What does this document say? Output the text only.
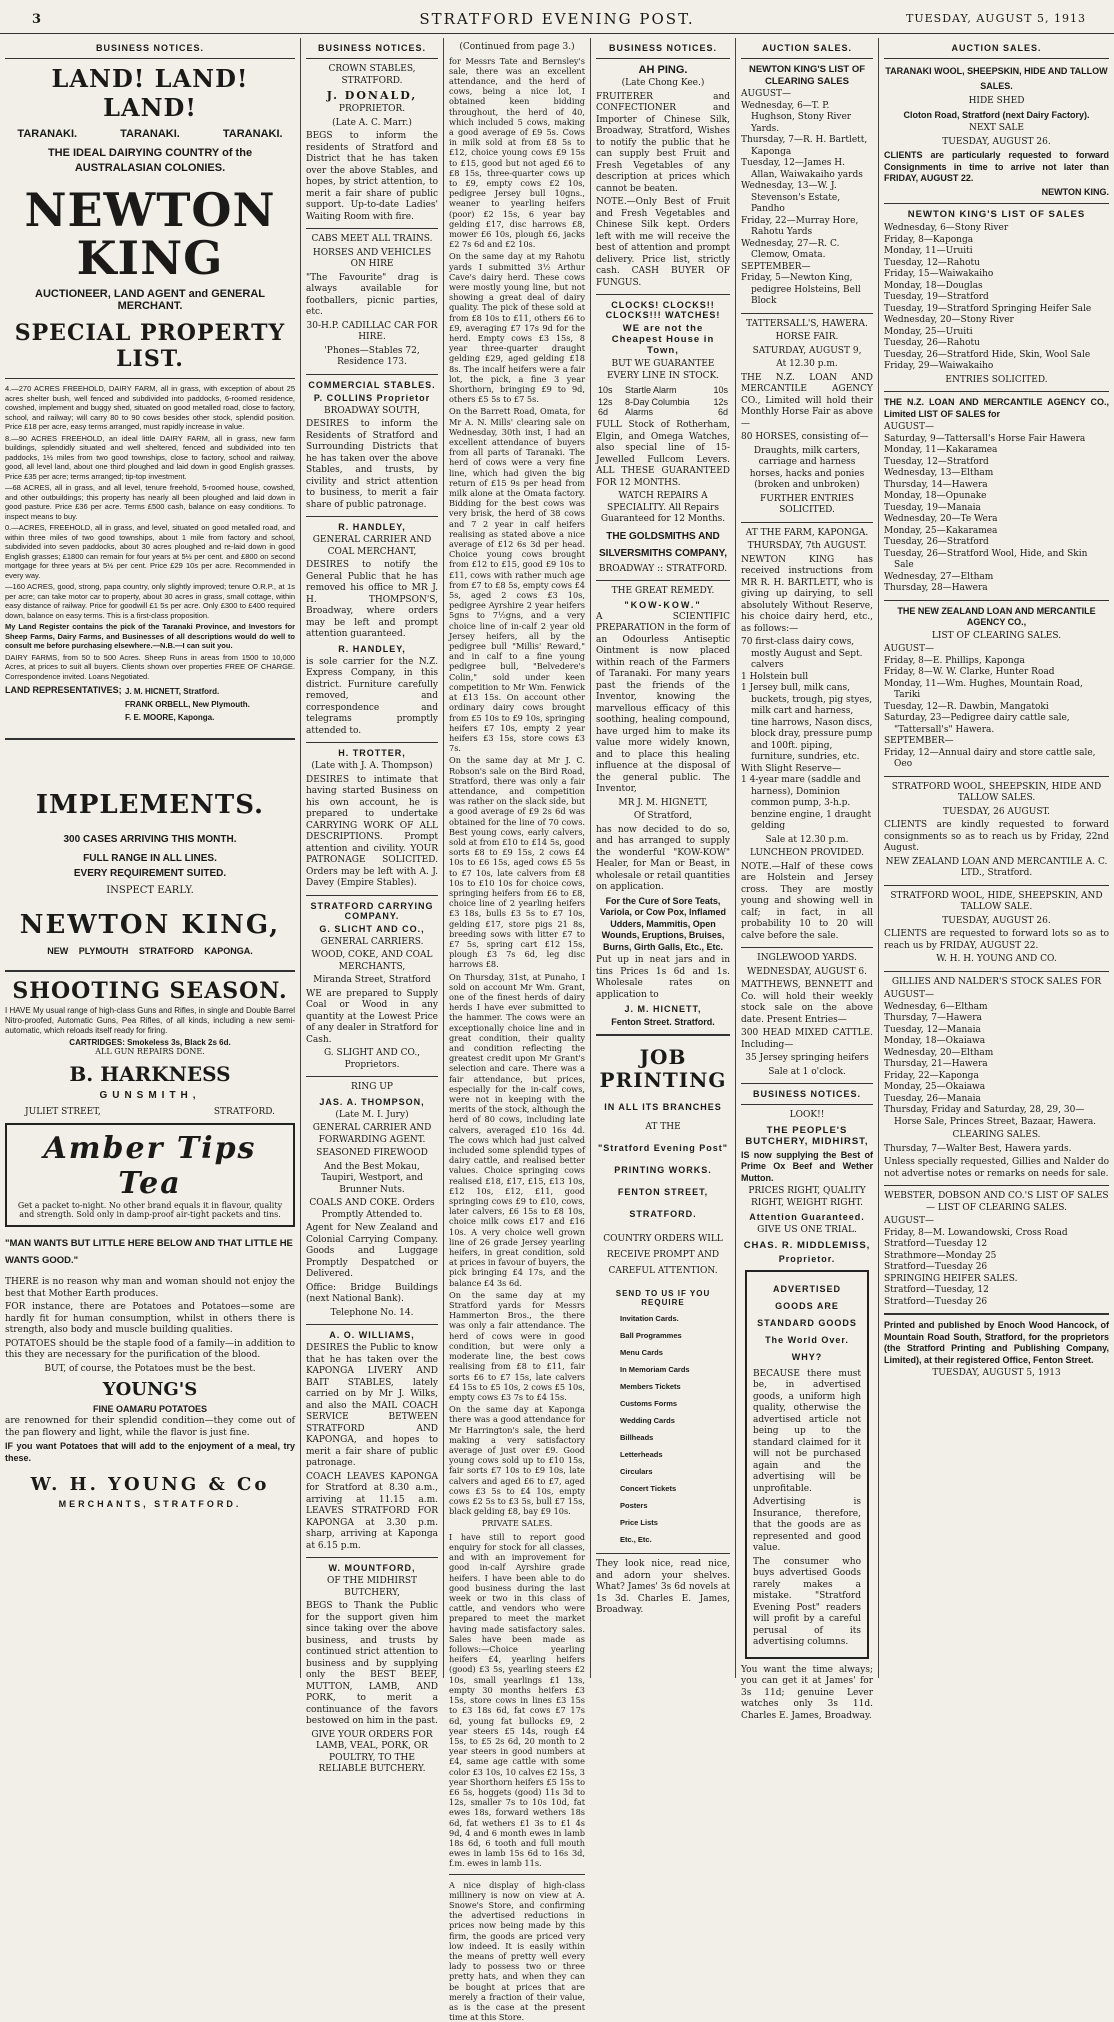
3	STRATFORD EVENING POST.	TUESDAY, AUGUST 5, 1913
BUSINESS NOTICES.
LAND! LAND! LAND!
TARANAKI. TARANAKI. TARANAKI.
THE IDEAL DAIRYING COUNTRY of the AUSTRALASIAN COLONIES.
NEWTON KING
AUCTIONEER, LAND AGENT and GENERAL MERCHANT.
SPECIAL PROPERTY LIST.

4.—270 ACRES FREEHOLD, DAIRY FARM, all in grass, with exception of about 25 acres shelter bush, well fenced and subdivided into paddocks, 6-roomed residence, cowshed, implement and buggy shed, situated on good metalled road, close to factory, school, and railway; will carry 80 to 90 cows besides other stock, splendid position. Price £18 per acre, easy terms arranged, must rapidly increase in value.

8.—90 ACRES FREEHOLD, an ideal little DAIRY FARM, all in grass, new farm buildings, splendidly situated and well sheltered, fenced and subdivided into ten paddocks, 1½ miles from two good townships, close to factory, school and railway, good, all level land, about one third ploughed and laid down in good English grasses. Price £35 per acre; terms arranged; tip-top investment.

—68 ACRES, all in grass, and all level, tenure freehold, 5-roomed house, cowshed, and other outbuildings; this property has nearly all been ploughed and laid down in good pasture. Price £36 per acre. Terms £500 cash, balance on easy conditions. To inspect means to buy.

0.—ACRES, FREEHOLD, all in grass, and level, situated on good metalled road, and within three miles of two good townships, about 1 mile from factory and school, subdivided into seven paddocks, about 30 acres ploughed and re-laid down in good English grasses; £1800 can remain for four years at 5½ per cent. and £800 on second mortgage for three years at 5½ per cent. Price £29 10s per acre. Recommended in every way.

—160 ACRES, good, strong, papa country, only slightly improved; tenure O.R.P., at 1s per acre; can take motor car to property, about 30 acres in grass, small cottage, within easy distance of railway. Price for goodwill £1 5s per acre. Only £300 to £400 required down, balance on easy terms. This is a first-class proposition.

My Land Register contains the pick of the Taranaki Province, and Investors for Sheep Farms, Dairy Farms, and Businesses of all descriptions would do well to consult me before purchasing elsewhere.—N.B.—I can suit you.

DAIRY FARMS, from 50 to 500 Acres. Sheep Runs in areas from 1500 to 10,000 Acres, at prices to suit all buyers. Clients shown over properties FREE OF CHARGE. Correspondence invited. Loans Negotiated.

LAND REPRESENTATIVES; J. M. HICNETT, Stratford.
FRANK ORBELL, New Plymouth.
F. E. MOORE, Kaponga.
IMPLEMENTS.
300 CASES ARRIVING THIS MONTH.
FULL RANGE IN ALL LINES.
EVERY REQUIREMENT SUITED.
INSPECT EARLY.
NEWTON KING,
NEW PLYMOUTH STRATFORD KAPONGA.
SHOOTING SEASON.

I HAVE My usual range of high-class Guns and Rifles, in single and Double Barrel Nitro-proofed, Automatic Guns, Pea Rifles, of all kinds, including a new semi-automatic, which reloads itself ready for firing.

CARTRIDGES: Smokeless 3s, Black 2s 6d.
ALL GUN REPAIRS DONE.
B. HARKNESS
GUNSMITH,
JULIET STREET,	STRATFORD.
Amber Tips Tea
Get a packet to-night. No other brand equals it in flavour, quality and strength. Sold only in damp-proof air-tight packets and tins.
"MAN WANTS BUT LITTLE HERE BELOW AND THAT LITTLE HE WANTS GOOD."

THERE is no reason why man and woman should not enjoy the best that Mother Earth produces.

FOR instance, there are Potatoes and Potatoes—some are hardly fit for human consumption, whilst in others there is strength, also body and muscle building qualities.

POTATOES should be the staple food of a family—in addition to this they are necessary for the purification of the blood.

BUT, of course, the Potatoes must be the best.

YOUNG'S
FINE OAMARU POTATOES

are renowned for their splendid condition—they come out of the pan flowery and light, while the flavor is just fine.

IF you want Potatoes that will add to the enjoyment of a meal, try these.

W. H. YOUNG & Co
MERCHANTS, STRATFORD.
BUSINESS NOTICES.

CROWN STABLES, STRATFORD.

J. DONALD,

PROPRIETOR.

(Late A. C. Marr.)

BEGS to inform the residents of Stratford and District that he has taken over the above Stables, and hopes, by strict attention, to merit a fair share of public support. Up-to-date Ladies' Waiting Room with fire.

CABS MEET ALL TRAINS.

HORSES AND VEHICLES ON HIRE

"The Favourite" drag is always available for footballers, picnic parties, etc.

30-H.P. CADILLAC CAR FOR HIRE.

'Phones—Stables 72, Residence 173.

COMMERCIAL STABLES.
P. COLLINS Proprietor

BROADWAY SOUTH,

DESIRES to inform the Residents of Stratford and Surrounding Districts that he has taken over the above Stables, and trusts, by civility and strict attention to business, to merit a fair share of public patronage.

R. HANDLEY,

GENERAL CARRIER AND COAL MERCHANT,

DESIRES to notify the General Public that he has removed his office to MR J. H. THOMPSON'S, Broadway, where orders may be left and prompt attention guaranteed.

R. HANDLEY,

is sole carrier for the N.Z. Express Company, in this district. Furniture carefully removed, and correspondence and telegrams promptly attended to.

H. TROTTER,

(Late with J. A. Thompson)

DESIRES to intimate that having started Business on his own account, he is prepared to undertake CARRYING WORK OF ALL DESCRIPTIONS. Prompt attention and civility. YOUR PATRONAGE SOLICITED. Orders may be left with A. J. Davey (Empire Stables).

STRATFORD CARRYING COMPANY.
G. SLICHT AND CO.,

GENERAL CARRIERS.

WOOD, COKE, AND COAL MERCHANTS,

Miranda Street, Stratford

WE are prepared to Supply Coal or Wood in any quantity at the Lowest Price of any dealer in Stratford for Cash.

G. SLIGHT AND CO., Proprietors.

RING UP

JAS. A. THOMPSON,

(Late M. I. Jury)

GENERAL CARRIER AND FORWARDING AGENT.

SEASONED FIREWOOD

And the Best Mokau, Taupiri, Westport, and Brunner Nuts.

COALS AND COKE. Orders Promptly Attended to.

Agent for New Zealand and Colonial Carrying Company. Goods and Luggage Promptly Despatched or Delivered.

Office: Bridge Buildings (next National Bank).

Telephone No. 14.

A. O. WILLIAMS,

DESIRES the Public to know that he has taken over the KAPONGA LIVERY AND BAIT STABLES, lately carried on by Mr J. Wilks, and also the MAIL COACH SERVICE BETWEEN STRATFORD AND KAPONGA, and hopes to merit a fair share of public patronage.

COACH LEAVES KAPONGA for Stratford at 8.30 a.m., arriving at 11.15 a.m. LEAVES STRATFORD FOR KAPONGA at 3.30 p.m. sharp, arriving at Kaponga at 6.15 p.m.

W. MOUNTFORD,

OF THE MIDHIRST BUTCHERY,

BEGS to Thank the Public for the support given him since taking over the above business, and trusts by continued strict attention to business and by supplying only the BEST BEEF, MUTTON, LAMB, AND PORK, to merit a continuance of the favors bestowed on him in the past.

GIVE YOUR ORDERS FOR LAMB, VEAL, PORK, OR POULTRY, TO THE RELIABLE BUTCHERY.

(Continued from page 3.)

for Messrs Tate and Bernsley's sale, there was an excellent attendance, and the herd of cows, being a nice lot, I obtained keen bidding throughout, the herd of 40, which included 5 cows, making a good average of £9 5s. Cows in milk sold at from £8 5s to £12, choice young cows £9 15s to £15, good but not aged £6 to £8 15s, three-quarter cows up to £9, empty cows £2 10s, pedigree Jersey bull 10gns., weaner to yearling heifers (poor) £2 15s, 6 year bay gelding £17, disc harrows £8, mower £6 10s, plough £6, jacks £2 7s 6d and £2 10s.

On the same day at my Rahotu yards I submitted 3½ Arthur Cave's dairy herd. These cows were mostly young line, but not showing a great deal of dairy quality. The pick of these sold at from £8 10s to £11, others £6 to £9, averaging £7 17s 9d for the herd. Empty cows £3 15s, 8 year three-quarter draught gelding £29, aged gelding £18 8s. The incalf heifers were a fair lot, the pick, a fine 3 year Shorthorn, bringing £9 to 9d, others £5 5s to £7 5s.

On the Barrett Road, Omata, for Mr A. N. Mills' clearing sale on Wednesday, 30th inst, I had an excellent attendance of buyers from all parts of Taranaki. The herd of cows were a very fine line, which had given the big return of £15 9s per head from milk alone at the Omata factory. Bidding for the best cows was very brisk, the herd of 38 cows and 7 2 year in calf heifers realising as stated above a nice average of £12 6s 3d per head. Choice young cows brought from £12 to £15, good £9 10s to £11, cows with rather much age from £7 to £8 5s, empty cows £4 5s, aged 2 cows £3 10s, pedigree Ayrshire 2 year heifers 5gns to 7½gns, and a very choice line of in-calf 2 year old Jersey heifers, all by the pedigree bull "Millis' Reward," and in calf to a fine young pedigree bull, "Belvedere's Colin," sold under keen competition to Mr Wm. Fenwick at £13 15s. On account other ordinary dairy cows brought from £5 10s to £9 10s, springing heifers £7 10s, empty 2 year heifers £3 15s, store cows £3 7s.

On the same day at Mr J. C. Robson's sale on the Bird Road, Stratford, there was only a fair attendance, and competition was rather on the slack side, but a good average of £9 2s 6d was obtained for the line of 70 cows. Best young cows, early calvers, sold at from £10 to £14 5s, good sorts £8 to £9 15s, 2 cows £4 10s to £6 15s, aged cows £5 5s to £7 10s, late calvers from £8 10s to £10 10s for choice cows, springing heifers from £6 to £8, choice line of 2 yearling heifers £3 18s, bulls £3 5s to £7 10s, gelding £17, store pigs 21 8s, breeding sows with litter £7 to £7 5s, spring cart £12 15s, plough £3 7s 6d, leg disc harrows £8.

On Thursday, 31st, at Punaho, I sold on account Mr Wm. Grant, one of the finest herds of dairy herds I have ever submitted to the hammer. The cows were an exceptionally choice line and in great condition, their quality and condition reflecting the greatest credit upon Mr Grant's selection and care. There was a fair attendance, but prices, especially for the in-calf cows, were not in keeping with the merits of the stock, although the herd of 80 cows, including late calvers, averaged £10 16s 4d. The cows which had just calved included some splendid types of dairy cattle, and realised better values. Choice springing cows realised £18, £17, £15, £13 10s, £12 10s, £12, £11, good springing cows £9 to £10, cows, later calvers, £6 15s to £8 10s, choice milk cows £17 and £16 10s. A very choice well grown line of 26 grade Jersey yearling heifers, in great condition, sold at prices in favour of buyers, the pick bringing £4 17s, and the balance £4 3s 6d.

On the same day at my Stratford yards for Messrs Hammerton Bros., the there was only a fair attendance. The herd of cows were in good condition, but were only a moderate line, the best cows realising from £8 to £11, fair sorts £6 to £7 15s, late calvers £4 15s to £5 10s, 2 cows £5 10s, empty cows £3 7s to £4 15s.

On the same day at Kaponga there was a good attendance for Mr Harrington's sale, the herd making a very satisfactory average of just over £9. Good young cows sold up to £10 15s, fair sorts £7 10s to £9 10s, late calvers and aged £6 to £7, aged cows £3 5s to £4 10s, empty cows £2 5s to £3 5s, bull £7 15s, black gelding £8, bay £9 10s.

PRIVATE SALES.

I have still to report good enquiry for stock for all classes, and with an improvement for good in-calf Ayrshire grade heifers. I have been able to do good business during the last week or two in this class of cattle, and vendors who were prepared to meet the market having made satisfactory sales. Sales have been made as follows:—Choice yearling heifers £4, yearling heifers (good) £3 5s, yearling steers £2 10s, small yearlings £1 13s, empty 30 months heifers £3 15s, store cows in lines £3 15s to £3 18s 6d, fat cows £7 17s 6d, young fat bullocks £9, 2 year steers £5 14s, rough £4 15s, to £5 2s 6d, 20 month to 2 year steers in good numbers at £4, same age cattle with some color £3 10s, 10 calves £2 15s, 3 year Shorthorn heifers £5 15s to £6 5s, hoggets (good) 11s 3d to 12s, smaller 7s to 10s 10d, fat ewes 18s, forward wethers 18s 6d, fat wethers £1 3s to £1 4s 9d, 4 and 6 month ewes in lamb 18s 6d, 6 tooth and full mouth ewes in lamb 15s 6d to 16s 3d, f.m. ewes in lamb 11s.

A nice display of high-class millinery is now on view at A. Snowe's Store, and confirming the advertised reductions in prices now being made by this firm, the goods are priced very low indeed. It is easily within the means of pretty well every lady to possess two or three pretty hats, and when they can be bought at prices that are merely a fraction of their value, as is the case at the present time at this Store.

BUSINESS NOTICES.
AH PING.

(Late Chong Kee.)

FRUITERER and CONFECTIONER and Importer of Chinese Silk, Broadway, Stratford, Wishes to notify the public that he can supply best Fruit and Fresh Vegetables of any description at prices which cannot be beaten.

NOTE.—Only Best of Fruit and Fresh Vegetables and Chinese Silk kept. Orders left with me will receive the best of attention and prompt delivery. Price list, strictly cash. CASH BUYER OF FUNGUS.

CLOCKS! CLOCKS!! CLOCKS!!! WATCHES!
WE are not the Cheapest House in Town,

BUT WE GUARANTEE EVERY LINE IN STOCK.

10s	Startle Alarm	10s
12s 6d	8-Day Columbia Alarms	12s 6d

FULL Stock of Rotherham, Elgin, and Omega Watches, also special line of 15-Jewelled Fullcom Levers. ALL THESE GUARANTEED FOR 12 MONTHS.

WATCH REPAIRS A SPECIALITY. All Repairs Guaranteed for 12 Months.

THE GOLDSMITHS AND SILVERSMITHS COMPANY,

BROADWAY :: STRATFORD.

THE GREAT REMEDY.

"KOW-KOW."

A SCIENTIFIC PREPARATION in the form of an Odourless Antiseptic Ointment is now placed within reach of the Farmers of Taranaki. For many years past the friends of the Inventor, knowing the marvellous efficacy of this soothing, healing compound, have urged him to make its value more widely known, and to place this healing influence at the disposal of the general public. The Inventor,

MR J. M. HIGNETT,

Of Stratford,

has now decided to do so, and has arranged to supply the wonderful "KOW-KOW" Healer, for Man or Beast, in wholesale or retail quantities on application.

For the Cure of Sore Teats, Variola, or Cow Pox, Inflamed Udders, Mammitis, Open Wounds, Eruptions, Bruises, Burns, Girth Galls, Etc., Etc.

Put up in neat jars and in tins Prices 1s 6d and 1s. Wholesale rates on application to

J. M. HICNETT,

Fenton Street. Stratford.

JOB PRINTING
IN ALL ITS BRANCHES

AT THE

"Stratford Evening Post"
PRINTING WORKS.
FENTON STREET,
STRATFORD.

COUNTRY ORDERS WILL RECEIVE PROMPT AND CAREFUL ATTENTION.

SEND TO US IF YOU REQUIRE
Invitation Cards.
Ball Programmes
Menu Cards
In Memoriam Cards
Members Tickets
Customs Forms
Wedding Cards
Billheads
Letterheads
Circulars
Concert Tickets
Posters
Price Lists
Etc., Etc.

They look nice, read nice, and adorn your shelves. What? James' 3s 6d novels at 1s 3d. Charles E. James, Broadway.

AUCTION SALES.

NEWTON KING'S LIST OF CLEARING SALES

AUGUST—

Wednesday, 6—T. P. Hughson, Stony River Yards.

Thursday, 7—R. H. Bartlett, Kaponga

Tuesday, 12—James H. Allan, Waiwakaiho yards

Wednesday, 13—W. J. Stevenson's Estate, Pandho

Friday, 22—Murray Hore, Rahotu Yards

Wednesday, 27—R. C. Clemow, Omata.

SEPTEMBER—

Friday, 5—Newton King, pedigree Holsteins, Bell Block

TATTERSALL'S, HAWERA.

HORSE FAIR.

SATURDAY, AUGUST 9,

At 12.30 p.m.

THE N.Z. LOAN AND MERCANTILE AGENCY CO., Limited will hold their Monthly Horse Fair as above—

80 HORSES, consisting of—

Draughts, milk carters, carriage and harness horses, hacks and ponies (broken and unbroken)

FURTHER ENTRIES SOLICITED.

AT THE FARM, KAPONGA.

THURSDAY, 7th AUGUST.

NEWTON KING has received instructions from MR R. H. BARTLETT, who is giving up dairying, to sell absolutely Without Reserve, his choice dairy herd, etc., as follows:—

70 first-class dairy cows, mostly August and Sept. calvers

1 Holstein bull

1 Jersey bull, milk cans, buckets, trough, pig styes, milk cart and harness, tine harrows, Nason discs, block dray, pressure pump and 100ft. piping, furniture, sundries, etc.

With Slight Reserve—

1 4-year mare (saddle and harness), Dominion common pump, 3-h.p. benzine engine, 1 draught gelding

Sale at 12.30 p.m.

LUNCHEON PROVIDED.

NOTE.—Half of these cows are Holstein and Jersey cross. They are mostly young and showing well in calf; in fact, in all probability 10 to 20 will calve before the sale.

INGLEWOOD YARDS.

WEDNESDAY, AUGUST 6.

MATTHEWS, BENNETT and Co. will hold their weekly stock sale on the above date. Present Entries—

300 HEAD MIXED CATTLE. Including—

35 Jersey springing heifers

Sale at 1 o'clock.

BUSINESS NOTICES.

LOOK!!

THE PEOPLE'S BUTCHERY, MIDHIRST,

IS now supplying the Best of Prime Ox Beef and Wether Mutton.

PRICES RIGHT, QUALITY RIGHT, WEIGHT RIGHT.

Attention Guaranteed.

GIVE US ONE TRIAL.

CHAS. R. MIDDLEMISS,
Proprietor.
ADVERTISED GOODS ARE STANDARD GOODS The World Over. WHY?

BECAUSE there must be, in advertised goods, a uniform high quality, otherwise the advertised article not being up to the standard claimed for it will not be purchased again and the advertising will be unprofitable.

Advertising is Insurance, therefore, that the goods are as represented and good value.

The consumer who buys advertised Goods rarely makes a mistake. "Stratford Evening Post" readers will profit by a careful perusal of its advertising columns.

You want the time always; you can get it at James' for 3s 11d; genuine Lever watches only 3s 11d. Charles E. James, Broadway.

AUCTION SALES.

TARANAKI WOOL, SHEEPSKIN, HIDE AND TALLOW SALES.

HIDE SHED

Cloton Road, Stratford (next Dairy Factory).

NEXT SALE

TUESDAY, AUGUST 26.

CLIENTS are particularly requested to forward Consignments in time to arrive not later than FRIDAY, AUGUST 22.

NEWTON KING.

NEWTON KING'S LIST OF SALES

Wednesday, 6—Stony River

Friday, 8—Kaponga

Monday, 11—Uruiti

Tuesday, 12—Rahotu

Friday, 15—Waiwakaiho

Monday, 18—Douglas

Tuesday, 19—Stratford

Tuesday, 19—Stratford Springing Heifer Sale

Wednesday, 20—Stony River

Monday, 25—Uruiti

Tuesday, 26—Rahotu

Tuesday, 26—Stratford Hide, Skin, Wool Sale

Friday, 29—Waiwakaiho

ENTRIES SOLICITED.

THE N.Z. LOAN AND MERCANTILE AGENCY CO., Limited LIST OF SALES for

AUGUST—

Saturday, 9—Tattersall's Horse Fair Hawera

Monday, 11—Kakaramea

Tuesday, 12—Stratford

Wednesday, 13—Eltham

Thursday, 14—Hawera

Monday, 18—Opunake

Tuesday, 19—Manaia

Wednesday, 20—Te Wera

Monday, 25—Kakaramea

Tuesday, 26—Stratford

Tuesday, 26—Stratford Wool, Hide, and Skin Sale

Wednesday, 27—Eltham

Thursday, 28—Hawera

THE NEW ZEALAND LOAN AND MERCANTILE AGENCY CO.,

LIST OF CLEARING SALES.

AUGUST—

Friday, 8—E. Phillips, Kaponga

Friday, 8—W. W. Clarke, Hunter Road

Monday, 11—Wm. Hughes, Mountain Road, Tariki

Tuesday, 12—R. Dawbin, Mangatoki

Saturday, 23—Pedigree dairy cattle sale, "Tattersall's" Hawera.

SEPTEMBER—

Friday, 12—Annual dairy and store cattle sale, Oeo

STRATFORD WOOL, SHEEPSKIN, HIDE AND TALLOW SALES.

TUESDAY, 26 AUGUST.

CLIENTS are kindly requested to forward consignments so as to reach us by Friday, 22nd August.

NEW ZEALAND LOAN AND MERCANTILE A. C. LTD., Stratford.

STRATFORD WOOL, HIDE, SHEEPSKIN, AND TALLOW SALE.

TUESDAY, AUGUST 26.

CLIENTS are requested to forward lots so as to reach us by FRIDAY, AUGUST 22.

W. H. H. YOUNG AND CO.

GILLIES AND NALDER'S STOCK SALES FOR

AUGUST—

Wednesday, 6—Eltham

Thursday, 7—Hawera

Tuesday, 12—Manaia

Monday, 18—Okaiawa

Wednesday, 20—Eltham

Thursday, 21—Hawera

Friday, 22—Kaponga

Monday, 25—Okaiawa

Tuesday, 26—Manaia

Thursday, Friday and Saturday, 28, 29, 30—Horse Sale, Princes Street, Bazaar, Hawera.

CLEARING SALES.

Thursday, 7—Walter Best, Hawera yards.

Unless specially requested, Gillies and Nalder do not advertise notes or remarks on needs for sale.

WEBSTER, DOBSON AND CO.'S LIST OF SALES— LIST OF CLEARING SALES.

AUGUST—

Friday, 8—M. Lowandowski, Cross Road

Stratford—Tuesday 12

Strathmore—Monday 25

Stratford—Tuesday 26

SPRINGING HEIFER SALES.

Stratford—Tuesday, 12

Stratford—Tuesday 26

Printed and published by Enoch Wood Hancock, of Mountain Road South, Stratford, for the proprietors (the Stratford Printing and Publishing Company, Limited), at their registered Office, Fenton Street.

TUESDAY, AUGUST 5, 1913
